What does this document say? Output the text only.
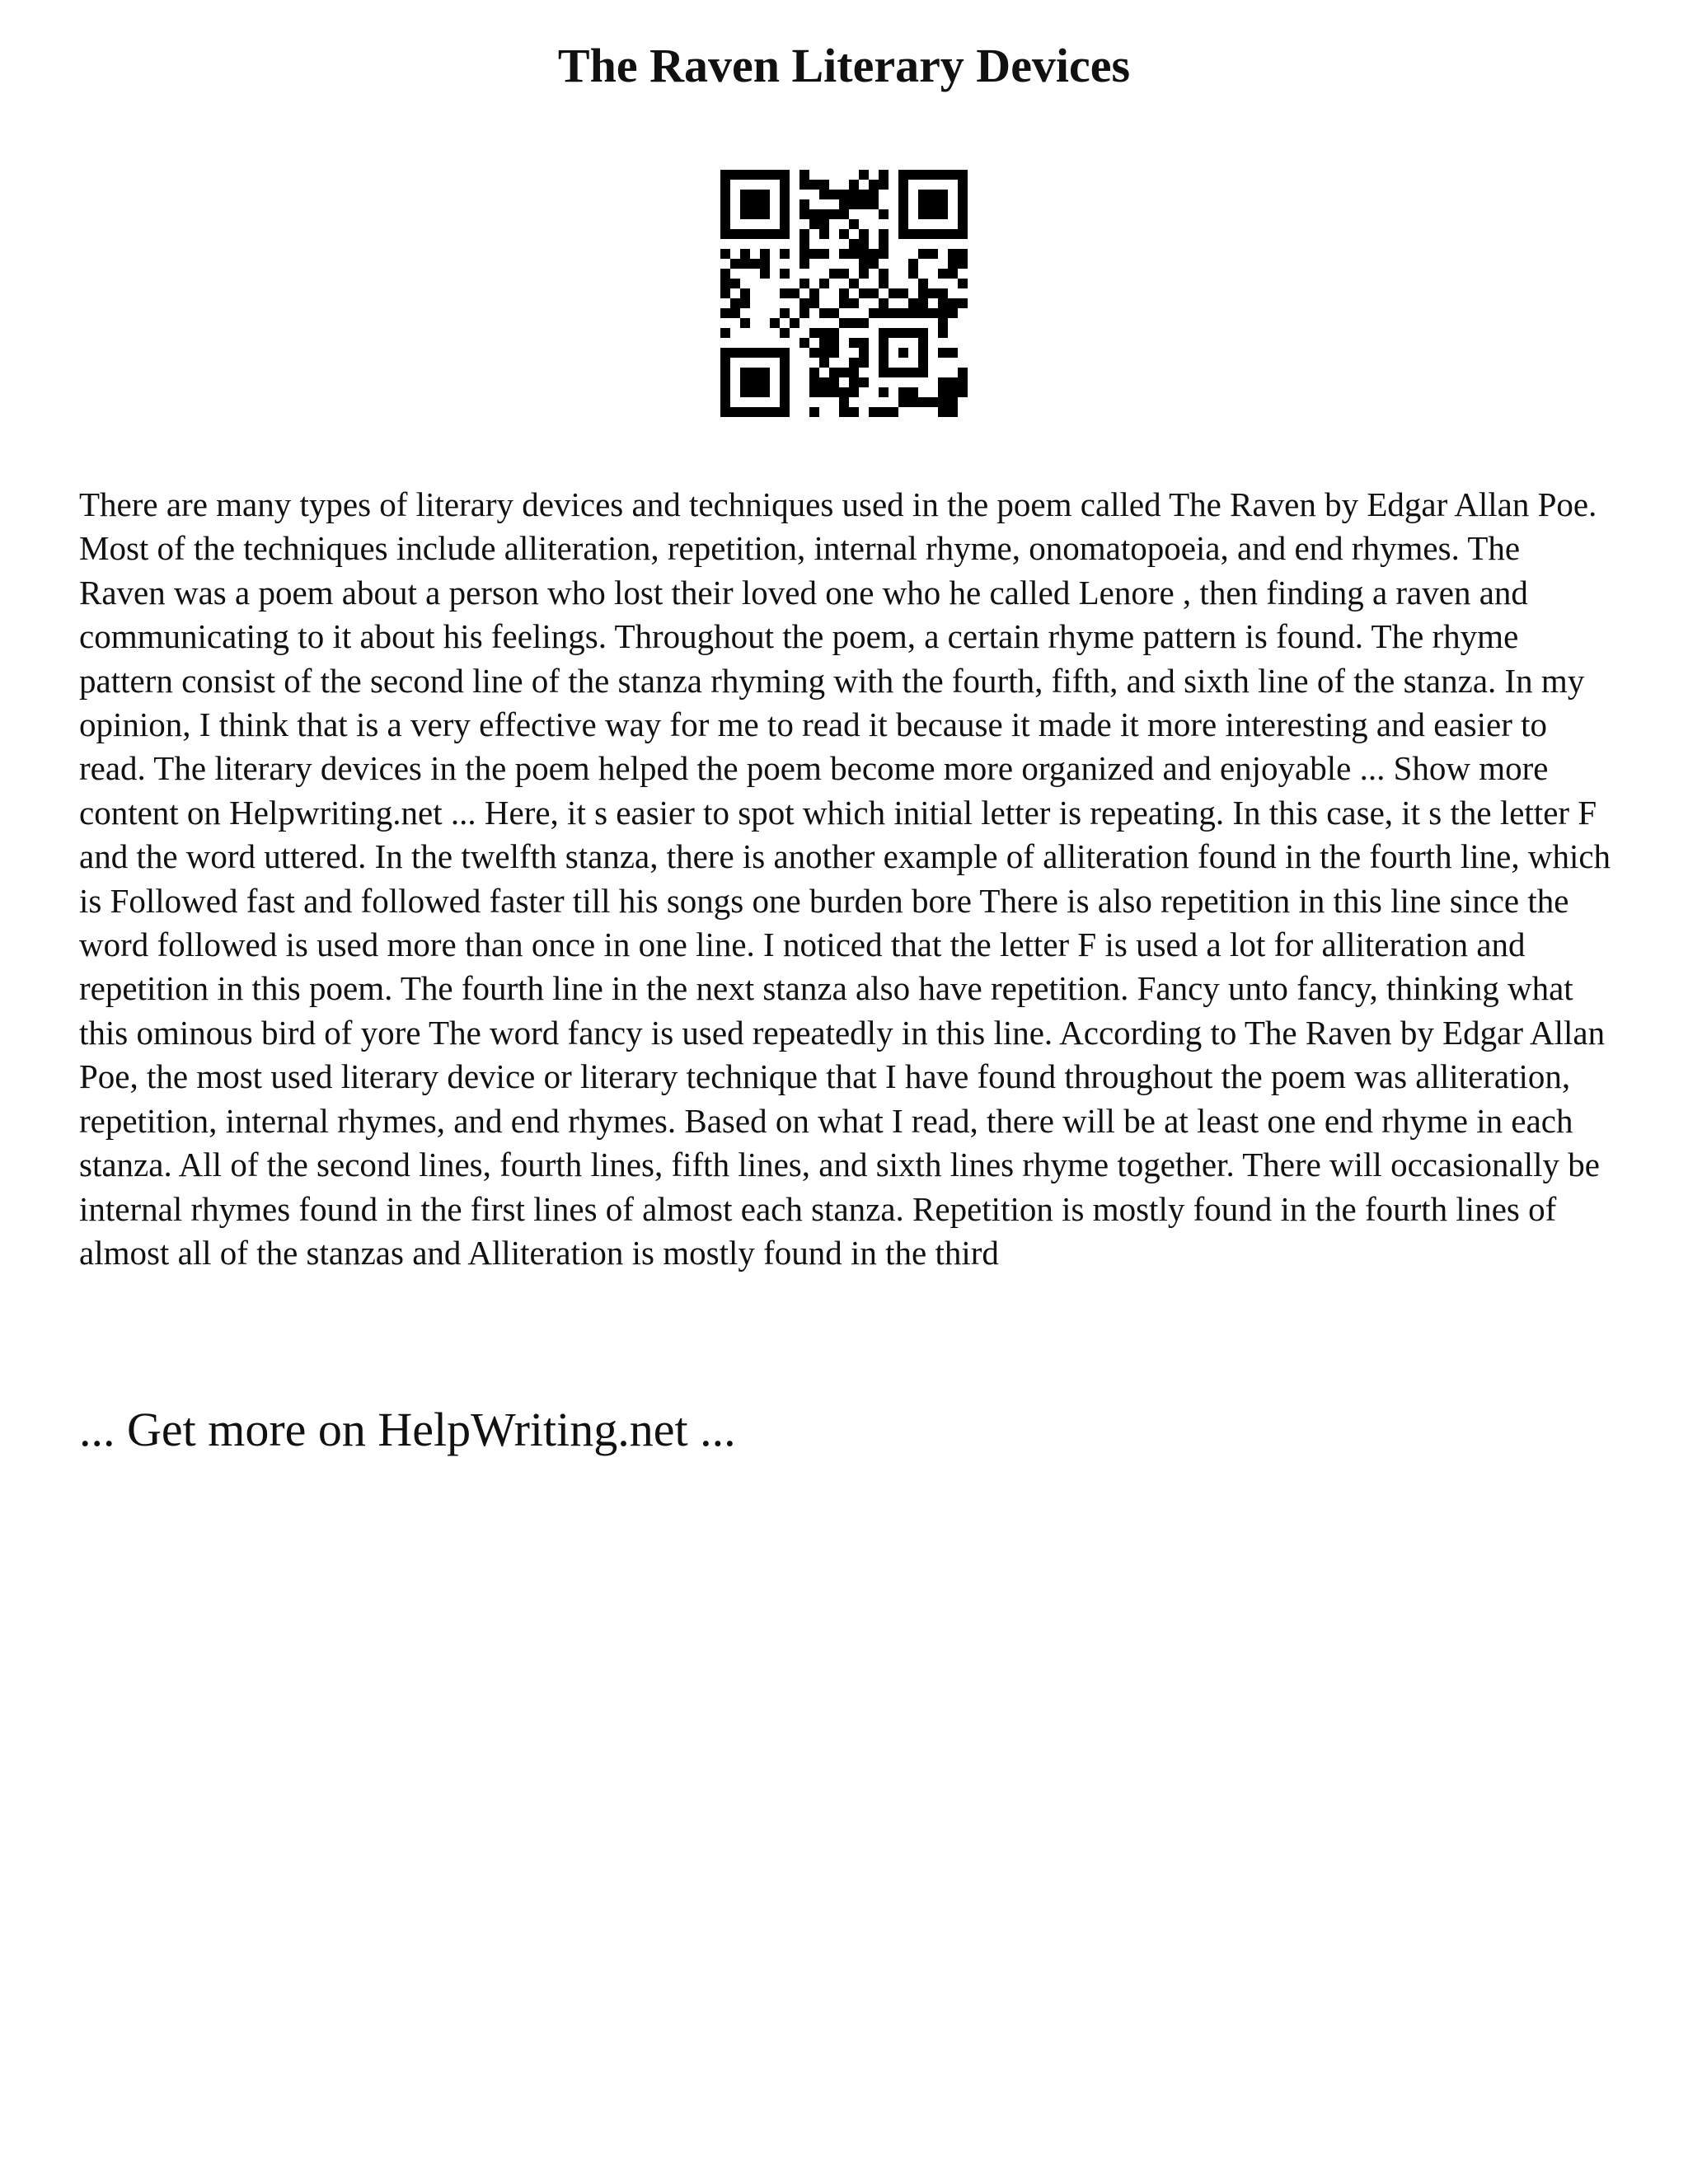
The Raven Literary Devices

There are many types of literary devices and techniques used in the poem called The Raven by Edgar Allan Poe. Most of the techniques include alliteration, repetition, internal rhyme, onomatopoeia, and end rhymes. The Raven was a poem about a person who lost their loved one who he called Lenore , then finding a raven and communicating to it about his feelings. Throughout the poem, a certain rhyme pattern is found. The rhyme pattern consist of the second line of the stanza rhyming with the fourth, fifth, and sixth line of the stanza. In my opinion, I think that is a very effective way for me to read it because it made it more interesting and easier to read. The literary devices in the poem helped the poem become more organized and enjoyable ... Show more content on Helpwriting.net ... Here, it s easier to spot which initial letter is repeating. In this case, it s the letter F and the word uttered. In the twelfth stanza, there is another example of alliteration found in the fourth line, which is Followed fast and followed faster till his songs one burden bore There is also repetition in this line since the word followed is used more than once in one line. I noticed that the letter F is used a lot for alliteration and repetition in this poem. The fourth line in the next stanza also have repetition. Fancy unto fancy, thinking what this ominous bird of yore The word fancy is used repeatedly in this line. According to The Raven by Edgar Allan Poe, the most used literary device or literary technique that I have found throughout the poem was alliteration, repetition, internal rhymes, and end rhymes. Based on what I read, there will be at least one end rhyme in each stanza. All of the second lines, fourth lines, fifth lines, and sixth lines rhyme together. There will occasionally be internal rhymes found in the first lines of almost each stanza. Repetition is mostly found in the fourth lines of almost all of the stanzas and Alliteration is mostly found in the third

... Get more on HelpWriting.net ...
